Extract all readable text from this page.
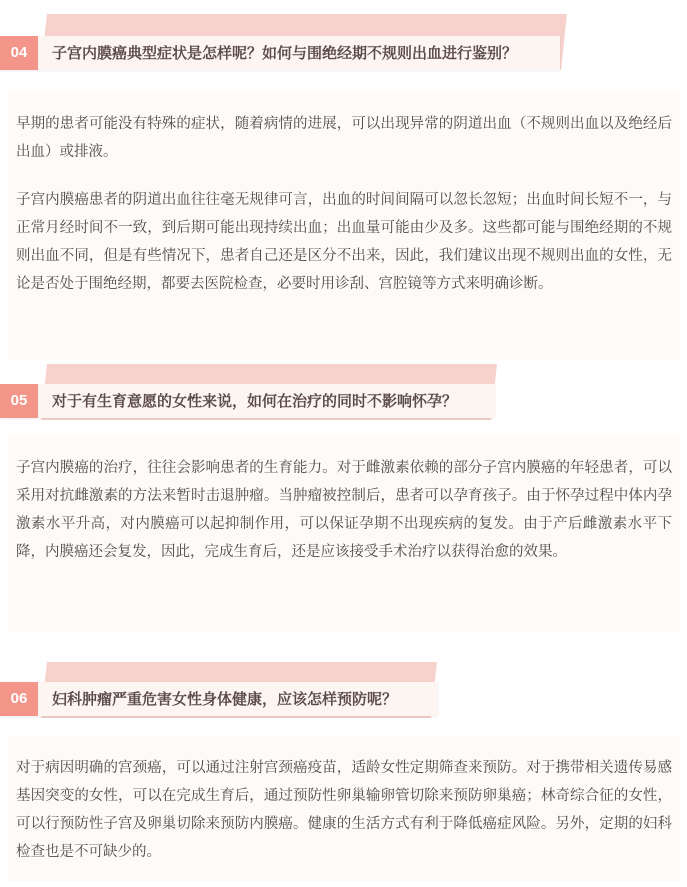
04	子宫内膜癌典型症状是怎样呢？如何与围绝经期不规则出血进行鉴别？

早期的患者可能没有特殊的症状，随着病情的进展，可以出现异常的阴道出血（不规则出血以及绝经后出血）或排液。

子宫内膜癌患者的阴道出血往往毫无规律可言，出血的时间间隔可以忽长忽短；出血时间长短不一，与正常月经时间不一致，到后期可能出现持续出血；出血量可能由少及多。这些都可能与围绝经期的不规则出血不同，但是有些情况下，患者自己还是区分不出来，因此，我们建议出现不规则出血的女性，无论是否处于围绝经期，都要去医院检查，必要时用诊刮、宫腔镜等方式来明确诊断。

05	对于有生育意愿的女性来说，如何在治疗的同时不影响怀孕？

子宫内膜癌的治疗，往往会影响患者的生育能力。对于雌激素依赖的部分子宫内膜癌的年轻患者，可以采用对抗雌激素的方法来暂时击退肿瘤。当肿瘤被控制后，患者可以孕育孩子。由于怀孕过程中体内孕激素水平升高，对内膜癌可以起抑制作用，可以保证孕期不出现疾病的复发。由于产后雌激素水平下降，内膜癌还会复发，因此，完成生育后，还是应该接受手术治疗以获得治愈的效果。

06	妇科肿瘤严重危害女性身体健康，应该怎样预防呢？

对于病因明确的宫颈癌，可以通过注射宫颈癌疫苗，适龄女性定期筛查来预防。对于携带相关遗传易感基因突变的女性，可以在完成生育后，通过预防性卵巢输卵管切除来预防卵巢癌；林奇综合征的女性，可以行预防性子宫及卵巢切除来预防内膜癌。健康的生活方式有利于降低癌症风险。另外，定期的妇科检查也是不可缺少的。
